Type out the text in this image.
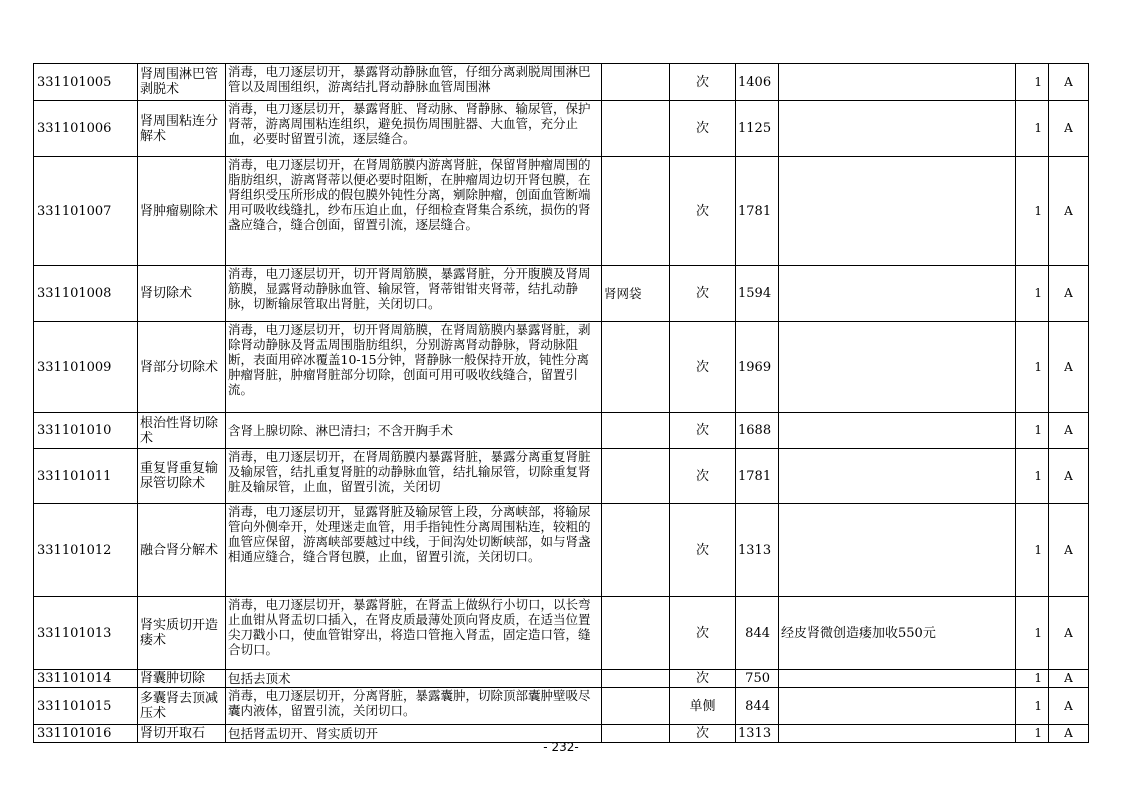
331101005	肾周围淋巴管剥脱术	消毒，电刀逐层切开，暴露肾动静脉血管，仔细分离剥脱周围淋巴管以及周围组织，游离结扎肾动静脉血管周围淋		次	1406		1	A
331101006	肾周围粘连分解术	消毒，电刀逐层切开，暴露肾脏、肾动脉、肾静脉、输尿管，保护肾蒂，游离周围粘连组织，避免损伤周围脏器、大血管，充分止血，必要时留置引流，逐层缝合。		次	1125		1	A
331101007	肾肿瘤剔除术	消毒，电刀逐层切开，在肾周筋膜内游离肾脏，保留肾肿瘤周围的脂肪组织，游离肾蒂以便必要时阻断，在肿瘤周边切开肾包膜，在肾组织受压所形成的假包膜外钝性分离，剜除肿瘤，创面血管断端用可吸收线缝扎，纱布压迫止血，仔细检查肾集合系统，损伤的肾盏应缝合，缝合创面，留置引流，逐层缝合。		次	1781		1	A
331101008	肾切除术	消毒，电刀逐层切开，切开肾周筋膜，暴露肾脏，分开腹膜及肾周筋膜，显露肾动静脉血管、输尿管，肾蒂钳钳夹肾蒂，结扎动静脉，切断输尿管取出肾脏，关闭切口。	肾网袋	次	1594		1	A
331101009	肾部分切除术	消毒，电刀逐层切开，切开肾周筋膜，在肾周筋膜内暴露肾脏，剥除肾动静脉及肾盂周围脂肪组织，分别游离肾动静脉，肾动脉阻断，表面用碎冰覆盖10-15分钟，肾静脉一般保持开放，钝性分离肿瘤肾脏，肿瘤肾脏部分切除，创面可用可吸收线缝合，留置引流。		次	1969		1	A
331101010	根治性肾切除术	含肾上腺切除、淋巴清扫；不含开胸手术		次	1688		1	A
331101011	重复肾重复输尿管切除术	消毒，电刀逐层切开，在肾周筋膜内暴露肾脏，暴露分离重复肾脏及输尿管，结扎重复肾脏的动静脉血管，结扎输尿管，切除重复肾脏及输尿管，止血，留置引流，关闭切		次	1781		1	A
331101012	融合肾分解术	消毒，电刀逐层切开，显露肾脏及输尿管上段，分离峡部，将输尿管向外侧牵开，处理迷走血管，用手指钝性分离周围粘连，较粗的血管应保留，游离峡部要越过中线，于间沟处切断峡部，如与肾盏相通应缝合，缝合肾包膜，止血，留置引流，关闭切口。		次	1313		1	A
331101013	肾实质切开造瘘术	消毒，电刀逐层切开，暴露肾脏，在肾盂上做纵行小切口，以长弯止血钳从肾盂切口插入，在肾皮质最薄处顶向肾皮质，在适当位置尖刀戳小口，使血管钳穿出，将造口管拖入肾盂，固定造口管，缝合切口。		次	844	经皮肾微创造瘘加收550元	1	A
331101014	肾囊肿切除	包括去顶术		次	750		1	A
331101015	多囊肾去顶减压术	消毒，电刀逐层切开，分离肾脏，暴露囊肿，切除顶部囊肿壁吸尽囊内液体，留置引流，关闭切口。		单侧	844		1	A
331101016	肾切开取石	包括肾盂切开、肾实质切开		次	1313		1	A
- 232-
